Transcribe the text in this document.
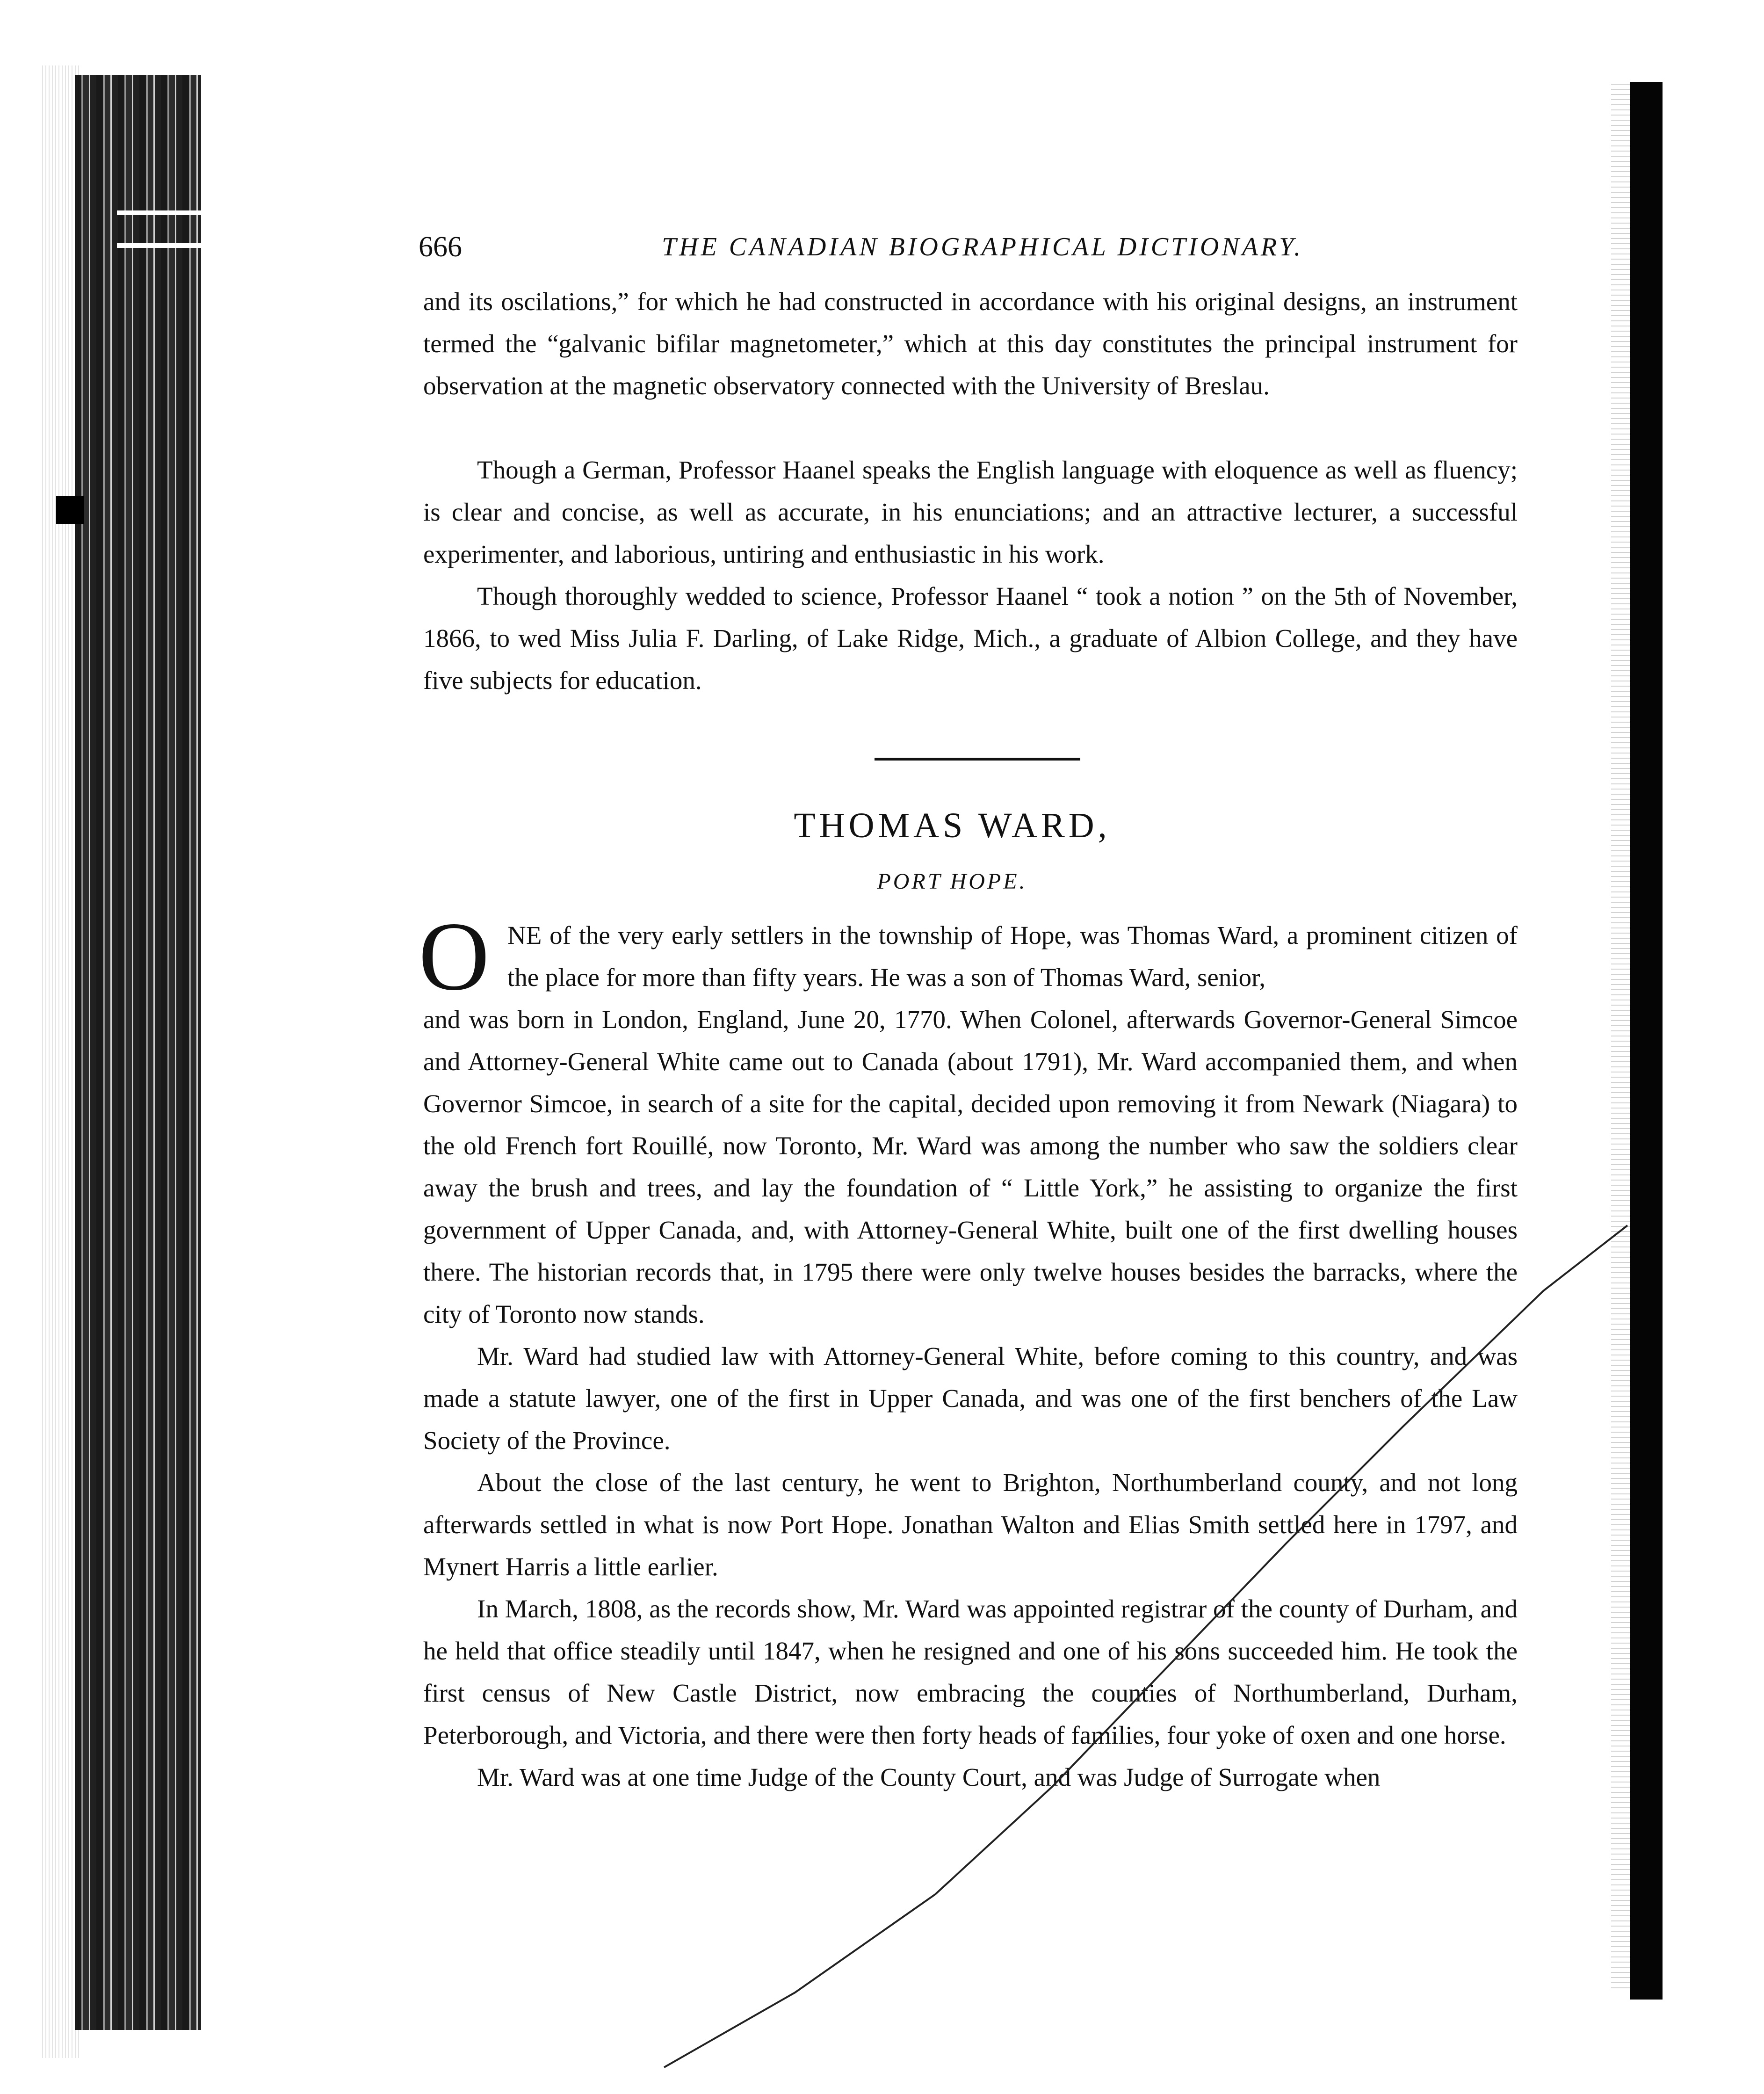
666	THE CANADIAN BIOGRAPHICAL DICTIONARY.

and its oscilations,” for which he had constructed in accordance with his original designs, an instrument termed the “galvanic bifilar magnetometer,” which at this day constitutes the principal instrument for observation at the magnetic observatory connected with the University of Breslau.

Though a German, Professor Haanel speaks the English language with eloquence as well as fluency; is clear and concise, as well as accurate, in his enunciations; and an attractive lecturer, a successful experimenter, and laborious, untiring and enthusiastic in his work.

Though thoroughly wedded to science, Professor Haanel “ took a notion ” on the 5th of November, 1866, to wed Miss Julia F. Darling, of Lake Ridge, Mich., a graduate of Albion College, and they have five subjects for education.

THOMAS WARD,
PORT HOPE.
O NE of the very early settlers in the township of Hope, was Thomas Ward, a prominent citizen of the place for more than fifty years. He was a son of Thomas Ward, senior,

and was born in London, England, June 20, 1770. When Colonel, afterwards Governor-General Simcoe and Attorney-General White came out to Canada (about 1791), Mr. Ward accompanied them, and when Governor Simcoe, in search of a site for the capital, decided upon removing it from Newark (Niagara) to the old French fort Rouillé, now Toronto, Mr. Ward was among the number who saw the soldiers clear away the brush and trees, and lay the foundation of “ Little York,” he assisting to organize the first government of Upper Canada, and, with Attorney-General White, built one of the first dwelling houses there. The historian records that, in 1795 there were only twelve houses besides the barracks, where the city of Toronto now stands.

Mr. Ward had studied law with Attorney-General White, before coming to this country, and was made a statute lawyer, one of the first in Upper Canada, and was one of the first benchers of the Law Society of the Province.

About the close of the last century, he went to Brighton, Northumberland county, and not long afterwards settled in what is now Port Hope. Jonathan Walton and Elias Smith settled here in 1797, and Mynert Harris a little earlier.

In March, 1808, as the records show, Mr. Ward was appointed registrar of the county of Durham, and he held that office steadily until 1847, when he resigned and one of his sons succeeded him. He took the first census of New Castle District, now embracing the counties of Northumberland, Durham, Peterborough, and Victoria, and there were then forty heads of families, four yoke of oxen and one horse.

Mr. Ward was at one time Judge of the County Court, and was Judge of Surrogate when
